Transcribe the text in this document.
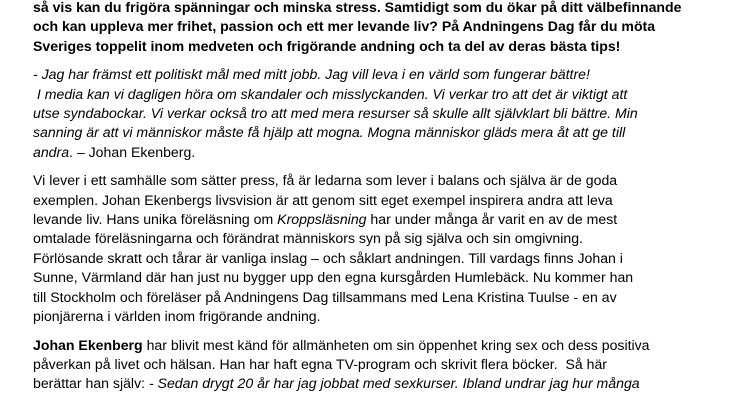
så vis kan du frigöra spänningar och minska stress. Samtidigt som du ökar på ditt välbefinnande
och kan uppleva mer frihet, passion och ett mer levande liv? På Andningens Dag får du möta
Sveriges toppelit inom medveten och frigörande andning och ta del av deras bästa tips!

- Jag har främst ett politiskt mål med mitt jobb. Jag vill leva i en värld som fungerar bättre!
I media kan vi dagligen höra om skandaler och misslyckanden. Vi verkar tro att det är viktigt att
utse syndabockar. Vi verkar också tro att med mera resurser så skulle allt självklart bli bättre. Min
sanning är att vi människor måste få hjälp att mogna. Mogna människor gläds mera åt att ge till
andra. – Johan Ekenberg.

Vi lever i ett samhälle som sätter press, få är ledarna som lever i balans och själva är de goda
exemplen. Johan Ekenbergs livsvision är att genom sitt eget exempel inspirera andra att leva
levande liv. Hans unika föreläsning om Kroppsläsning har under många år varit en av de mest
omtalade föreläsningarna och förändrat människors syn på sig själva och sin omgivning.
Förlösande skratt och tårar är vanliga inslag – och såklart andningen. Till vardags finns Johan i
Sunne, Värmland där han just nu bygger upp den egna kursgården Humlebäck. Nu kommer han
till Stockholm och föreläser på Andningens Dag tillsammans med Lena Kristina Tuulse - en av
pionjärerna i världen inom frigörande andning.

Johan Ekenberg har blivit mest känd för allmänheten om sin öppenhet kring sex och dess positiva
påverkan på livet och hälsan. Han har haft egna TV-program och skrivit flera böcker.  Så här
berättar han själv: - Sedan drygt 20 år har jag jobbat med sexkurser. Ibland undrar jag hur många
